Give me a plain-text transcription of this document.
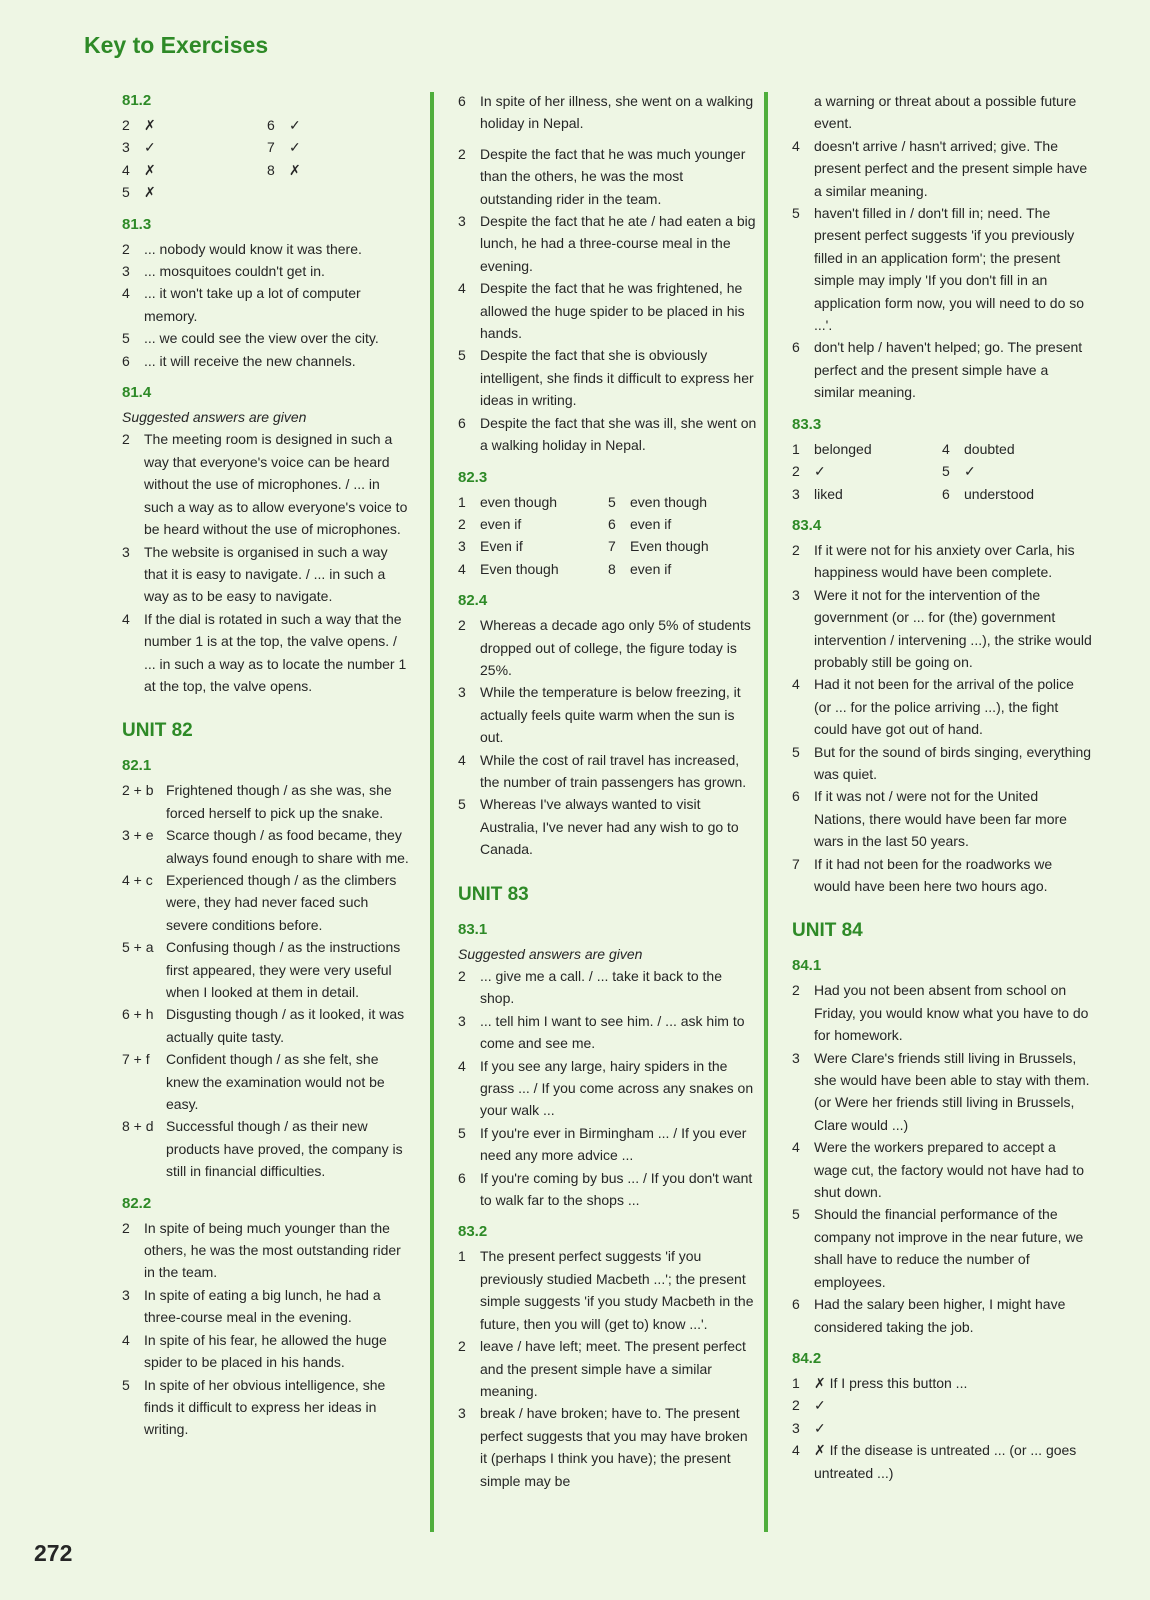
Key to Exercises
81.2
2	✗	6	✓
3	✓	7	✓
4	✗	8	✗
5	✗
81.3
2	... nobody would know it was there.
3	... mosquitoes couldn't get in.
4	... it won't take up a lot of computer memory.
5	... we could see the view over the city.
6	... it will receive the new channels.
81.4
Suggested answers are given
2	The meeting room is designed in such a way that everyone's voice can be heard without the use of microphones. / ... in such a way as to allow everyone's voice to be heard without the use of microphones.
3	The website is organised in such a way that it is easy to navigate. / ... in such a way as to be easy to navigate.
4	If the dial is rotated in such a way that the number 1 is at the top, the valve opens. / ... in such a way as to locate the number 1 at the top, the valve opens.
UNIT 82
82.1
2 + b Frightened though / as she was, she forced herself to pick up the snake.
3 + e Scarce though / as food became, they always found enough to share with me.
4 + c Experienced though / as the climbers were, they had never faced such severe conditions before.
5 + a Confusing though / as the instructions first appeared, they were very useful when I looked at them in detail.
6 + h Disgusting though / as it looked, it was actually quite tasty.
7 + f	Confident though / as she felt, she knew the examination would not be easy.
8 + d Successful though / as their new products have proved, the company is still in financial difficulties.
82.2
2	In spite of being much younger than the others, he was the most outstanding rider in the team.
3	In spite of eating a big lunch, he had a three-course meal in the evening.
4	In spite of his fear, he allowed the huge spider to be placed in his hands.
5	In spite of her obvious intelligence, she finds it difficult to express her ideas in writing.
6	In spite of her illness, she went on a walking holiday in Nepal.
2	Despite the fact that he was much younger than the others, he was the most outstanding rider in the team.
3	Despite the fact that he ate / had eaten a big lunch, he had a three-course meal in the evening.
4	Despite the fact that he was frightened, he allowed the huge spider to be placed in his hands.
5	Despite the fact that she is obviously intelligent, she finds it difficult to express her ideas in writing.
6	Despite the fact that she was ill, she went on a walking holiday in Nepal.
82.3
1	even though	5	even though
2	even if	6	even if
3	Even if	7	Even though
4	Even though	8	even if
82.4
2	Whereas a decade ago only 5% of students dropped out of college, the figure today is 25%.
3	While the temperature is below freezing, it actually feels quite warm when the sun is out.
4	While the cost of rail travel has increased, the number of train passengers has grown.
5	Whereas I've always wanted to visit Australia, I've never had any wish to go to Canada.
UNIT 83
83.1
Suggested answers are given
2	... give me a call. / ... take it back to the shop.
3	... tell him I want to see him. / ... ask him to come and see me.
4	If you see any large, hairy spiders in the grass ... / If you come across any snakes on your walk ...
5	If you're ever in Birmingham ... / If you ever need any more advice ...
6	If you're coming by bus ... / If you don't want to walk far to the shops ...
83.2
1	The present perfect suggests 'if you previously studied Macbeth ...'; the present simple suggests 'if you study Macbeth in the future, then you will (get to) know ...'.
2	leave / have left; meet. The present perfect and the present simple have a similar meaning.
3	break / have broken; have to. The present perfect suggests that you may have broken it (perhaps I think you have); the present simple may be
a warning or threat about a possible future event.
4	doesn't arrive / hasn't arrived; give. The present perfect and the present simple have a similar meaning.
5	haven't filled in / don't fill in; need. The present perfect suggests 'if you previously filled in an application form'; the present simple may imply 'If you don't fill in an application form now, you will need to do so ...'.
6	don't help / haven't helped; go. The present perfect and the present simple have a similar meaning.
83.3
1	belonged	4	doubted
2	✓	5	✓
3	liked	6	understood
83.4
2	If it were not for his anxiety over Carla, his happiness would have been complete.
3	Were it not for the intervention of the government (or ... for (the) government intervention / intervening ...), the strike would probably still be going on.
4	Had it not been for the arrival of the police (or ... for the police arriving ...), the fight could have got out of hand.
5	But for the sound of birds singing, everything was quiet.
6	If it was not / were not for the United Nations, there would have been far more wars in the last 50 years.
7	If it had not been for the roadworks we would have been here two hours ago.
UNIT 84
84.1
2	Had you not been absent from school on Friday, you would know what you have to do for homework.
3	Were Clare's friends still living in Brussels, she would have been able to stay with them. (or Were her friends still living in Brussels, Clare would ...)
4	Were the workers prepared to accept a wage cut, the factory would not have had to shut down.
5	Should the financial performance of the company not improve in the near future, we shall have to reduce the number of employees.
6	Had the salary been higher, I might have considered taking the job.
84.2
1	✗ If I press this button ...
2	✓
3	✓
4	✗ If the disease is untreated ... (or ... goes untreated ...)
272
